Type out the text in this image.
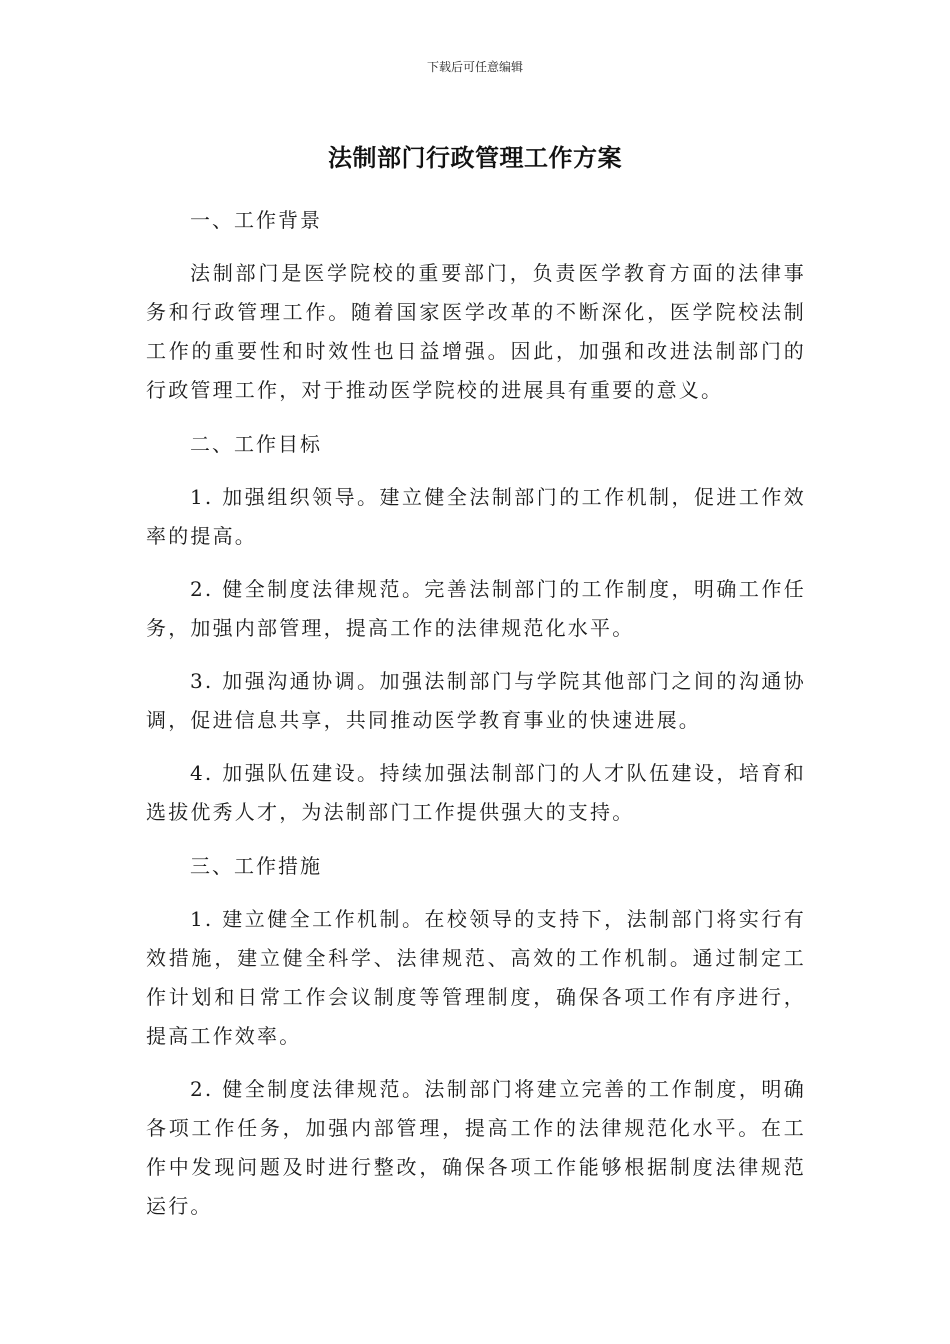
下载后可任意编辑
法制部门行政管理工作方案

一、工作背景

法制部门是医学院校的重要部门，负责医学教育方面的法律事务和行政管理工作。随着国家医学改革的不断深化，医学院校法制工作的重要性和时效性也日益增强。因此，加强和改进法制部门的行政管理工作，对于推动医学院校的进展具有重要的意义。

二、工作目标

1. 加强组织领导。建立健全法制部门的工作机制，促进工作效率的提高。

2. 健全制度法律规范。完善法制部门的工作制度，明确工作任务，加强内部管理，提高工作的法律规范化水平。

3. 加强沟通协调。加强法制部门与学院其他部门之间的沟通协调，促进信息共享，共同推动医学教育事业的快速进展。

4. 加强队伍建设。持续加强法制部门的人才队伍建设，培育和选拔优秀人才，为法制部门工作提供强大的支持。

三、工作措施

1. 建立健全工作机制。在校领导的支持下，法制部门将实行有效措施，建立健全科学、法律规范、高效的工作机制。通过制定工作计划和日常工作会议制度等管理制度，确保各项工作有序进行，提高工作效率。

2. 健全制度法律规范。法制部门将建立完善的工作制度，明确各项工作任务，加强内部管理，提高工作的法律规范化水平。在工作中发现问题及时进行整改，确保各项工作能够根据制度法律规范运行。
